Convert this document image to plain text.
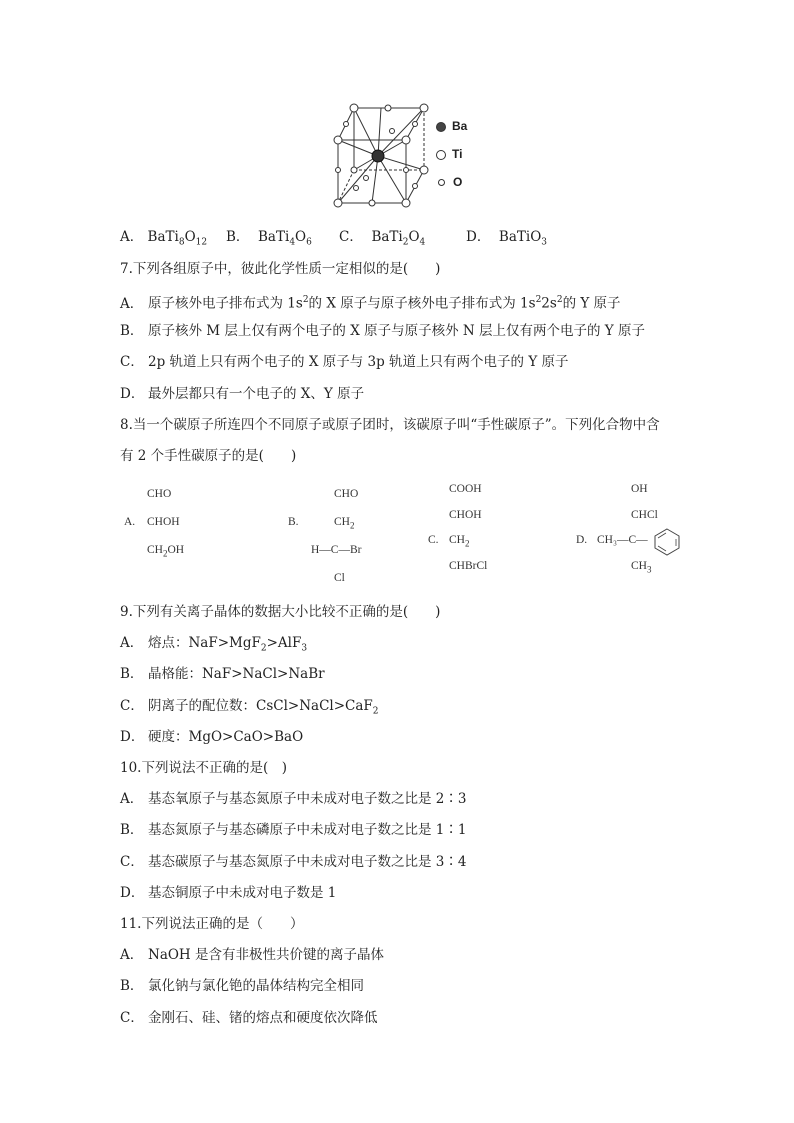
Ba
Ti
O
A． $BaTi_8O_{12}$ B． $BaTi_4O_6$ C． $BaTi_2O_4$	D． BaTiO$_3$
7.下列各组原子中，彼此化学性质一定相似的是(　　)
A． 原子核外电子排布式为 $1s^2$的 X 原子与原子核外电子排布式为 $1s^22s^2$的 Y 原子
B． 原子核外 M 层上仅有两个电子的 X 原子与原子核外 N 层上仅有两个电子的 Y 原子
C． 2p 轨道上只有两个电子的 X 原子与 3p 轨道上只有两个电子的 Y 原子
D． 最外层都只有一个电子的 X、Y 原子
8.当一个碳原子所连四个不同原子或原子团时，该碳原子叫“手性碳原子”。下列化合物中含
有 2 个手性碳原子的是(　　)
CHO
A. CHOH
$CH_2OH$
CHO
B.	$CH_2$
H—C—Br
Cl
COOH
CHOH
C. $CH_2$
CHBrCl
OH
CHCl
D. CH₃—C—
$CH_3$
9.下列有关离子晶体的数据大小比较不正确的是(　　)
A． 熔点：NaF>MgF$_2$>AlF$_3$
B． 晶格能：NaF>NaCl>NaBr
C． 阴离子的配位数：CsCl>NaCl>CaF$_2$
D． 硬度：MgO>CaO>BaO
10.下列说法不正确的是(　)
A． 基态氧原子与基态氮原子中未成对电子数之比是 2∶3
B． 基态氮原子与基态磷原子中未成对电子数之比是 1∶1
C． 基态碳原子与基态氮原子中未成对电子数之比是 3∶4
D． 基态铜原子中未成对电子数是 1
11.下列说法正确的是（　　）
A． NaOH 是含有非极性共价键的离子晶体
B． 氯化钠与氯化铯的晶体结构完全相同
C． 金刚石、硅、锗的熔点和硬度依次降低
